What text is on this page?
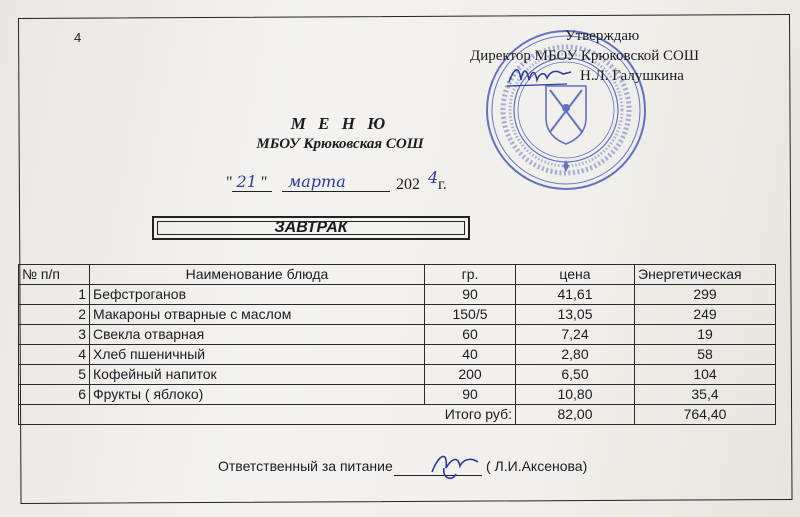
4	Утверждаю
Директор МБОУ Крюковской СОШ
Н.Л. Галушкина
М Е Н Ю
МБОУ Крюковская СОШ
" 21 " марта	202 4 г.
ЗАВТРАК
№ п/п	Наименование блюда	гр.	цена	Энергетическая
1	Бефстроганов	90	41,61	299
2	Макароны отварные с маслом	150/5	13,05	249
3	Свекла отварная	60	7,24	19
4	Хлеб пшеничный	40	2,80	58
5	Кофейный напиток	200	6,50	104
6	Фрукты ( яблоко)	90	10,80	35,4
Итого руб:			82,00	764,40
Ответственный за питание	( Л.И.Аксенова)
